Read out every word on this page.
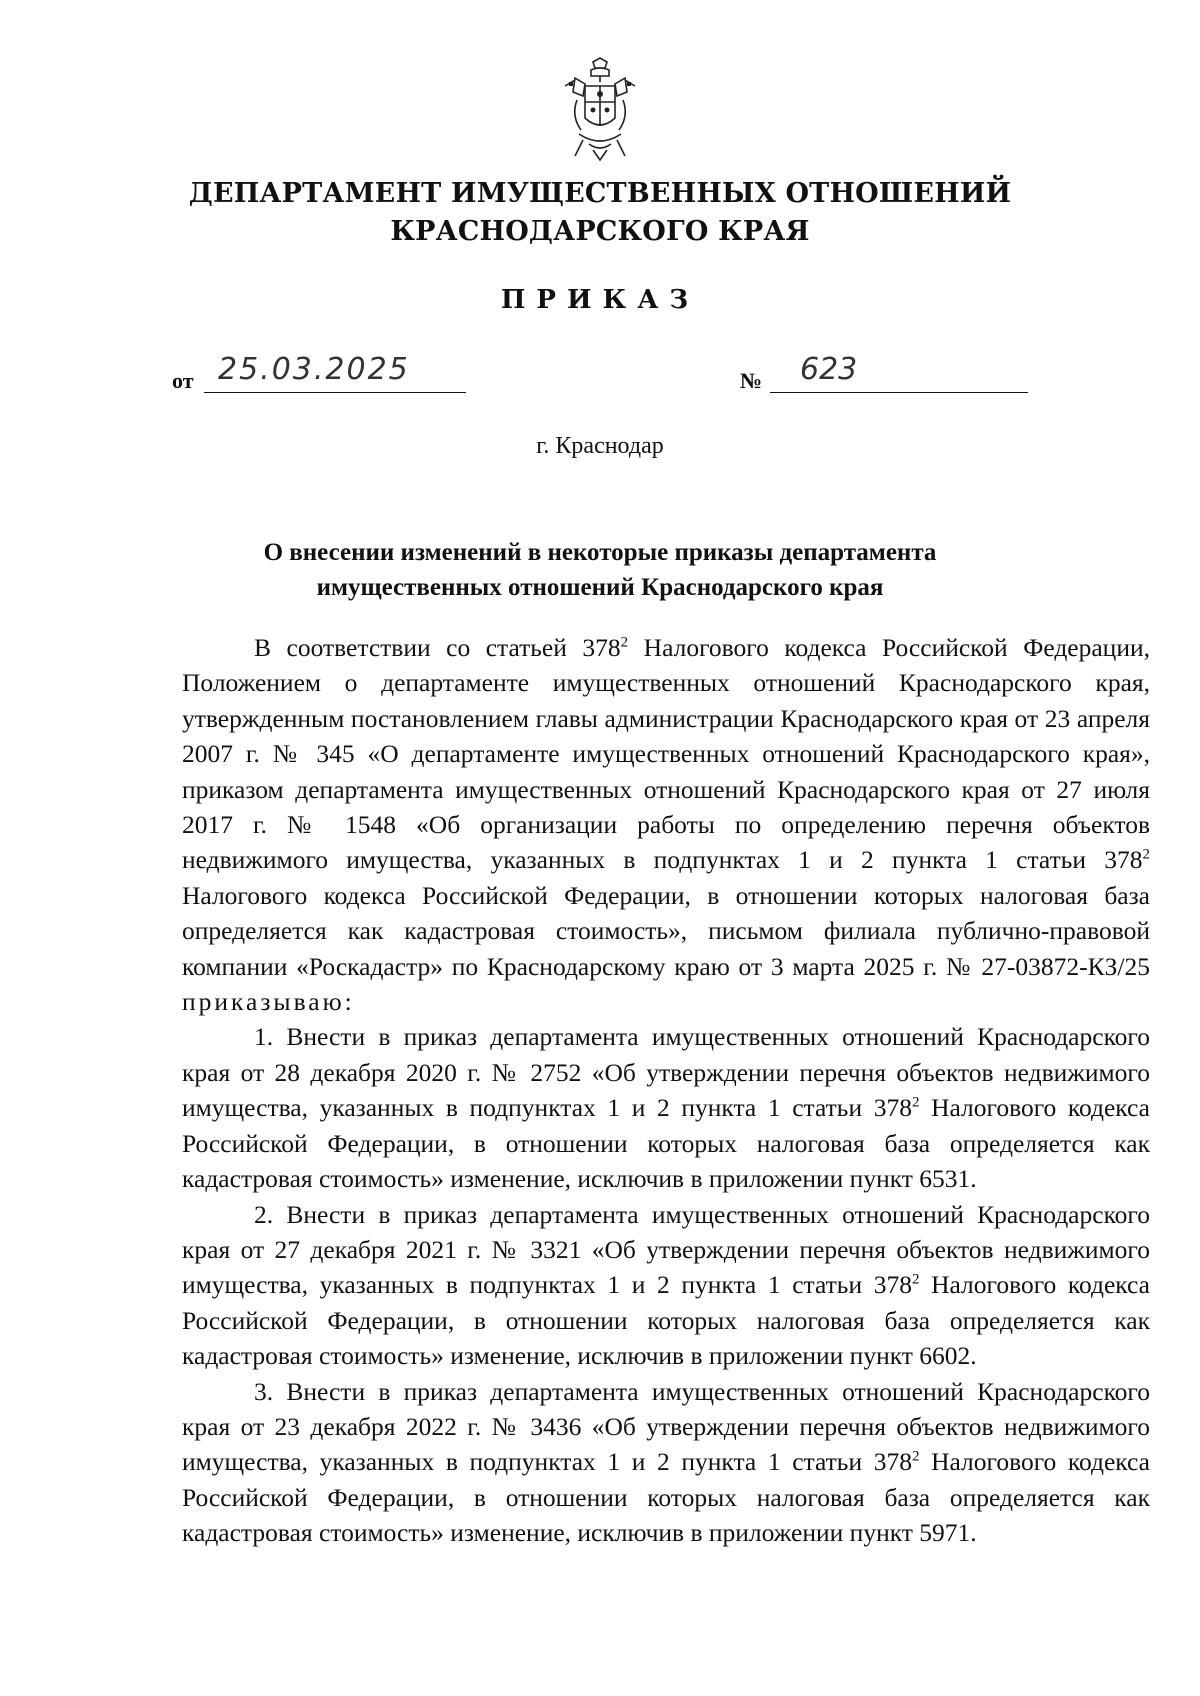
ДЕПАРТАМЕНТ ИМУЩЕСТВЕННЫХ ОТНОШЕНИЙ
КРАСНОДАРСКОГО КРАЯ
ПРИКАЗ
от 25.03.2025	№ 623
г. Краснодар
О внесении изменений в некоторые приказы департамента
имущественных отношений Краснодарского края

В соответствии со статьей $378^2$ Налогового кодекса Российской Федерации, Положением о департаменте имущественных отношений Краснодарского края, утвержденным постановлением главы администрации Краснодарского края от 23 апреля 2007 г. № 345 «О департаменте имущественных отношений Краснодарского края», приказом департамента имущественных отношений Краснодарского края от 27 июля 2017 г. № 1548 «Об организации работы по определению перечня объектов недвижимого имущества, указанных в подпунктах 1 и 2 пункта 1 статьи $378^2$ Налогового кодекса Российской Федерации, в отношении которых налоговая база определяется как кадастровая стоимость», письмом филиала публично-правовой компании «Роскадастр» по Краснодарскому краю от 3 марта 2025 г. № 27-03872-КЗ/25 приказываю:

1. Внести в приказ департамента имущественных отношений Краснодарского края от 28 декабря 2020 г. № 2752 «Об утверждении перечня объектов недвижимого имущества, указанных в подпунктах 1 и 2 пункта 1 статьи $378^2$ Налогового кодекса Российской Федерации, в отношении которых налоговая база определяется как кадастровая стоимость» изменение, исключив в приложении пункт 6531.

2. Внести в приказ департамента имущественных отношений Краснодарского края от 27 декабря 2021 г. № 3321 «Об утверждении перечня объектов недвижимого имущества, указанных в подпунктах 1 и 2 пункта 1 статьи $378^2$ Налогового кодекса Российской Федерации, в отношении которых налоговая база определяется как кадастровая стоимость» изменение, исключив в приложении пункт 6602.

3. Внести в приказ департамента имущественных отношений Краснодарского края от 23 декабря 2022 г. № 3436 «Об утверждении перечня объектов недвижимого имущества, указанных в подпунктах 1 и 2 пункта 1 статьи $378^2$ Налогового кодекса Российской Федерации, в отношении которых налоговая база определяется как кадастровая стоимость» изменение, исключив в приложении пункт 5971.
